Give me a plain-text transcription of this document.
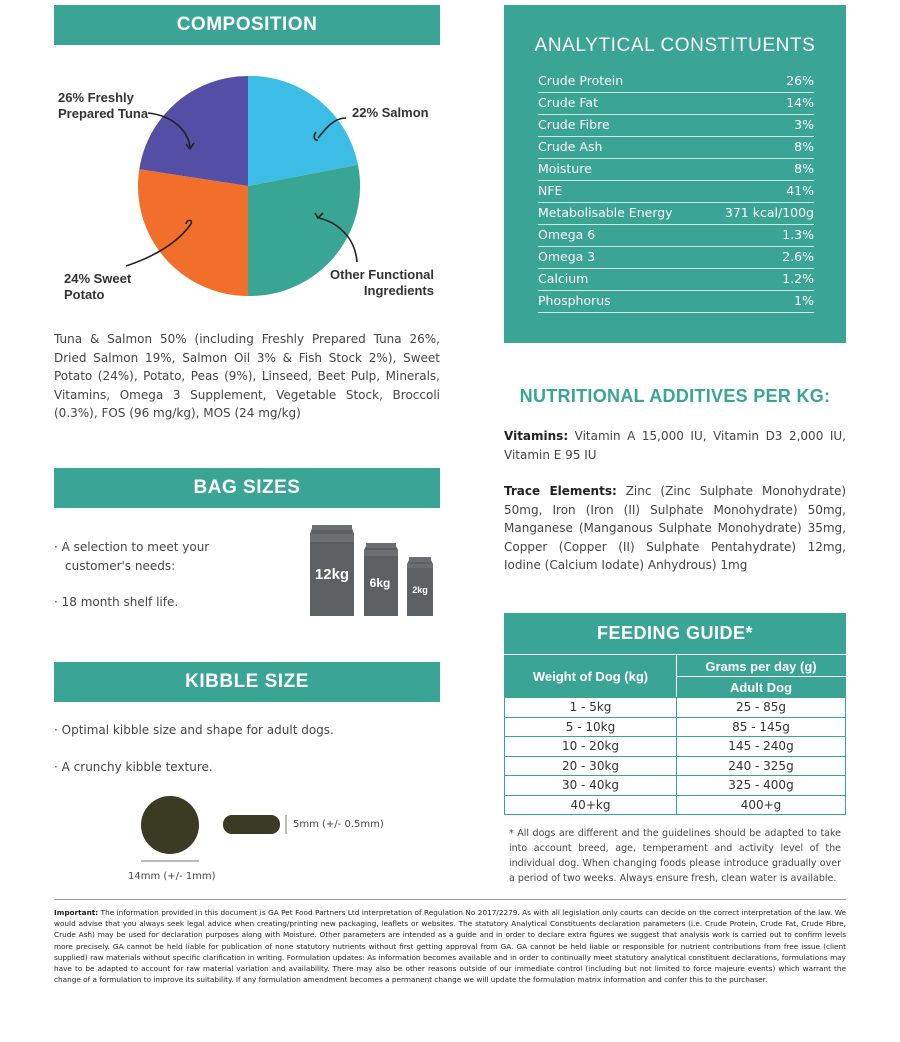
COMPOSITION
26% Freshly
Prepared Tuna	22% Salmon
Other Functional
Ingredients
24% Sweet
Potato
Tuna & Salmon 50% (including Freshly Prepared Tuna 26%, Dried Salmon 19%, Salmon Oil 3% & Fish Stock 2%), Sweet Potato (24%), Potato, Peas (9%), Linseed, Beet Pulp, Minerals, Vitamins, Omega 3 Supplement, Vegetable Stock, Broccoli (0.3%), FOS (96 mg/kg), MOS (24 mg/kg)
BAG SIZES
· A selection to meet your
customer's needs:
· 18 month shelf life.
12kg	6kg	2kg
KIBBLE SIZE
· Optimal kibble size and shape for adult dogs.
· A crunchy kibble texture.
5mm (+/- 0.5mm)
14mm (+/- 1mm)
ANALYTICAL CONSTITUENTS
Crude Protein	26%
Crude Fat	14%
Crude Fibre	3%
Crude Ash	8%
Moisture	8%
NFE	41%
Metabolisable Energy	371 kcal/100g
Omega 6	1.3%
Omega 3	2.6%
Calcium	1.2%
Phosphorus	1%
NUTRITIONAL ADDITIVES PER KG:
Vitamins: Vitamin A 15,000 IU, Vitamin D3 2,000 IU, Vitamin E 95 IU
Trace Elements: Zinc (Zinc Sulphate Monohydrate) 50mg, Iron (Iron (II) Sulphate Monohydrate) 50mg, Manganese (Manganous Sulphate Monohydrate) 35mg, Copper (Copper (II) Sulphate Pentahydrate) 12mg, Iodine (Calcium Iodate) Anhydrous) 1mg
FEEDING GUIDE*
Weight of Dog (kg)	Grams per day (g)
	Adult Dog
1 - 5kg	25 - 85g
5 - 10kg	85 - 145g
10 - 20kg	145 - 240g
20 - 30kg	240 - 325g
30 - 40kg	325 - 400g
40+kg	400+g
* All dogs are different and the guidelines should be adapted to take into account breed, age, temperament and activity level of the individual dog. When changing foods please introduce gradually over a period of two weeks. Always ensure fresh, clean water is available.
Important: The information provided in this document is GA Pet Food Partners Ltd interpretation of Regulation No 2017/2279. As with all legislation only courts can decide on the correct interpretation of the law. We would advise that you always seek legal advice when creating/printing new packaging, leaflets or websites. The statutory Analytical Constituents declaration parameters (i.e. Crude Protein, Crude Fat, Crude Fibre, Crude Ash) may be used for declaration purposes along with Moisture. Other parameters are intended as a guide and in order to declare extra figures we suggest that analysis work is carried out to confirm levels more precisely. GA cannot be held liable for publication of none statutory nutrients without first getting approval from GA. GA cannot be held liable or responsible for nutrient contributions from free issue (client supplied) raw materials without specific clarification in writing. Formulation updates: As information becomes available and in order to continually meet statutory analytical constituent declarations, formulations may have to be adapted to account for raw material variation and availability. There may also be other reasons outside of our immediate control (including but not limited to force majeure events) which warrant the change of a formulation to improve its suitability. If any formulation amendment becomes a permanent change we will update the formulation matrix information and confer this to the purchaser.
